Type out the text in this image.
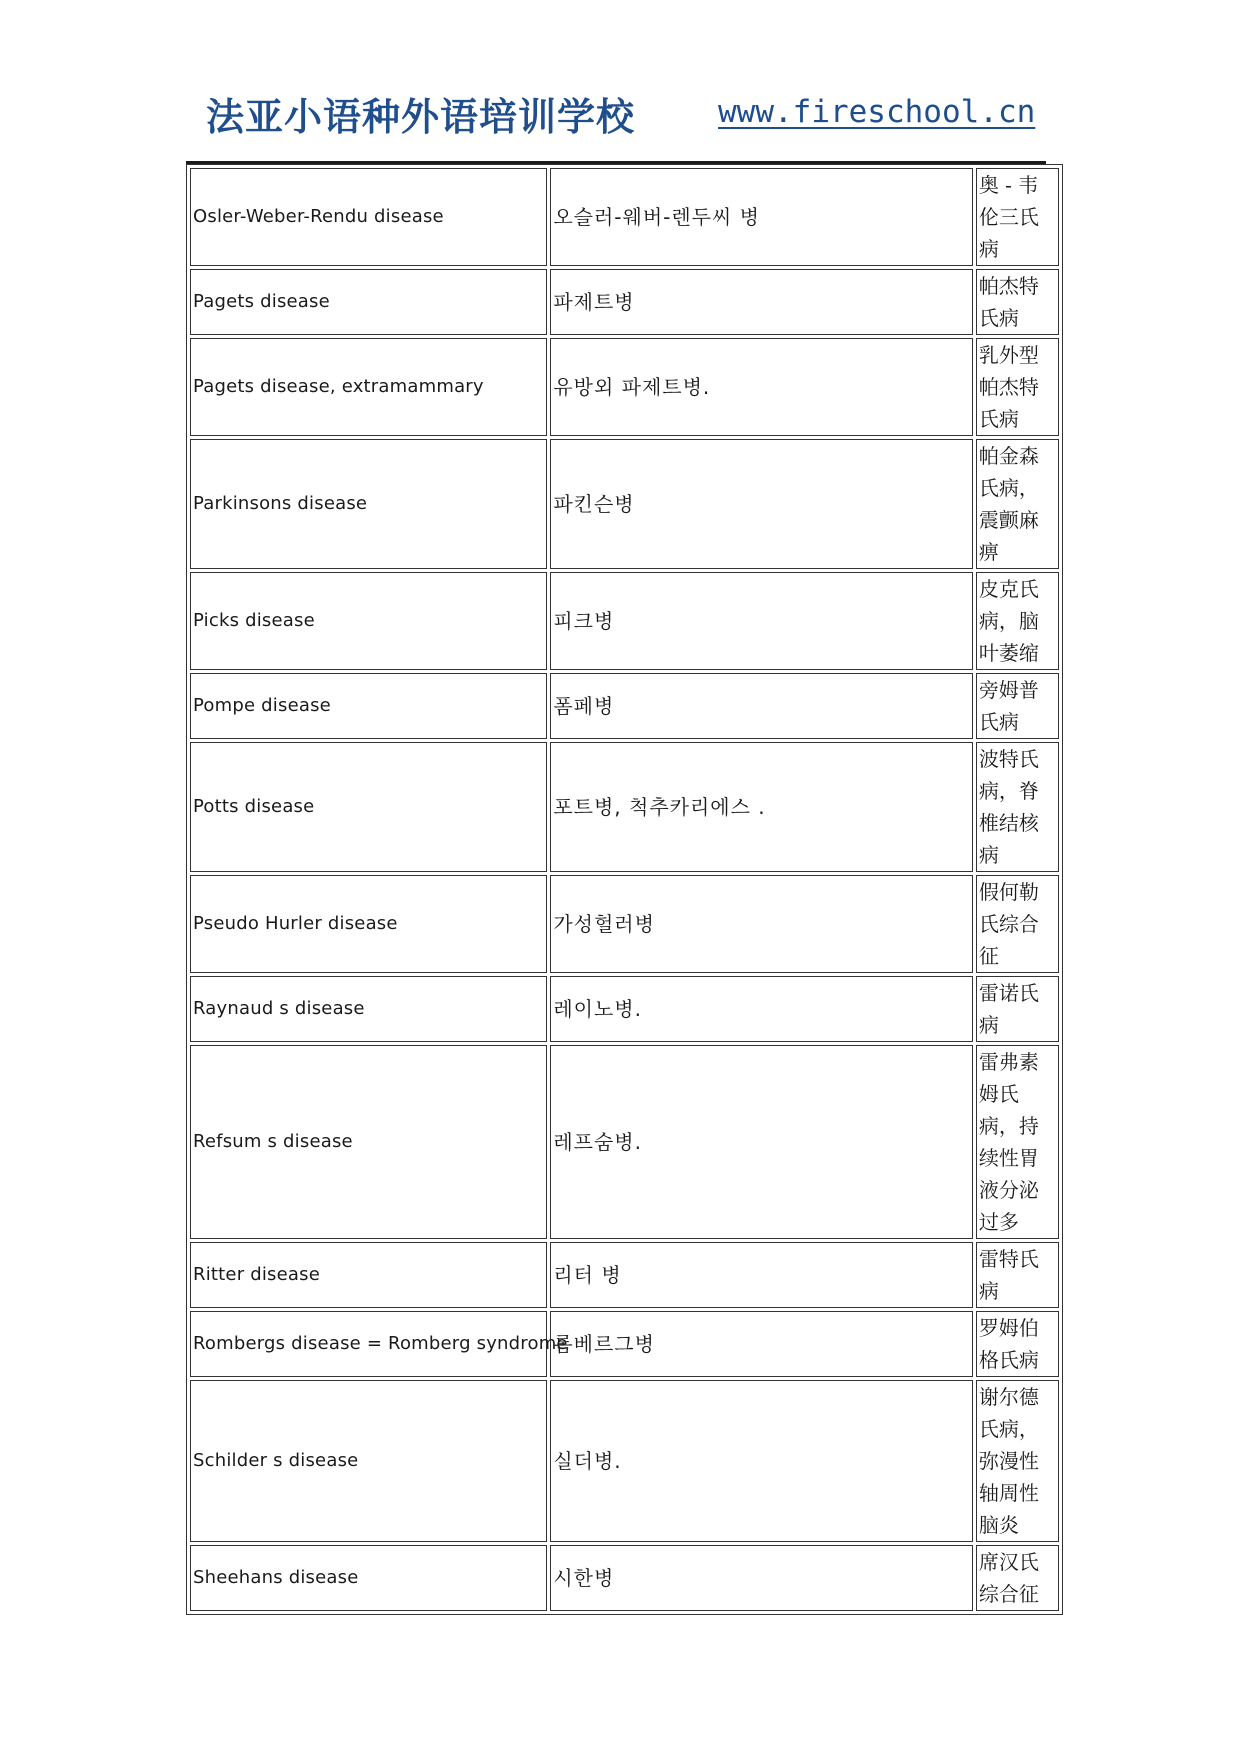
法亚小语种外语培训学校	www.fireschool.cn
Osler-Weber-Rendu disease	오슬러-웨버-렌두씨 병	奥 - 韦伦三氏病
Pagets disease	파제트병	帕杰特氏病
Pagets disease, extramammary	유방외 파제트병.	乳外型帕杰特氏病
Parkinsons disease	파킨슨병	帕金森氏病，震颤麻痹
Picks disease	피크병	皮克氏病，脑叶萎缩
Pompe disease	폼페병	旁姆普氏病
Potts disease	포트병, 척추카리에스 .	波特氏病，脊椎结核病
Pseudo Hurler disease	가성헐러병	假何勒氏综合征
Raynaud s disease	레이노병.	雷诺氏病
Refsum s disease	레프숨병.	雷弗素姆氏病，持续性胃液分泌过多
Ritter disease	리터 병	雷特氏病
Rombergs disease = Romberg syndrome	롬베르그병	罗姆伯格氏病
Schilder s disease	실더병.	谢尔德氏病，弥漫性轴周性脑炎
Sheehans disease	시한병	席汉氏综合征
